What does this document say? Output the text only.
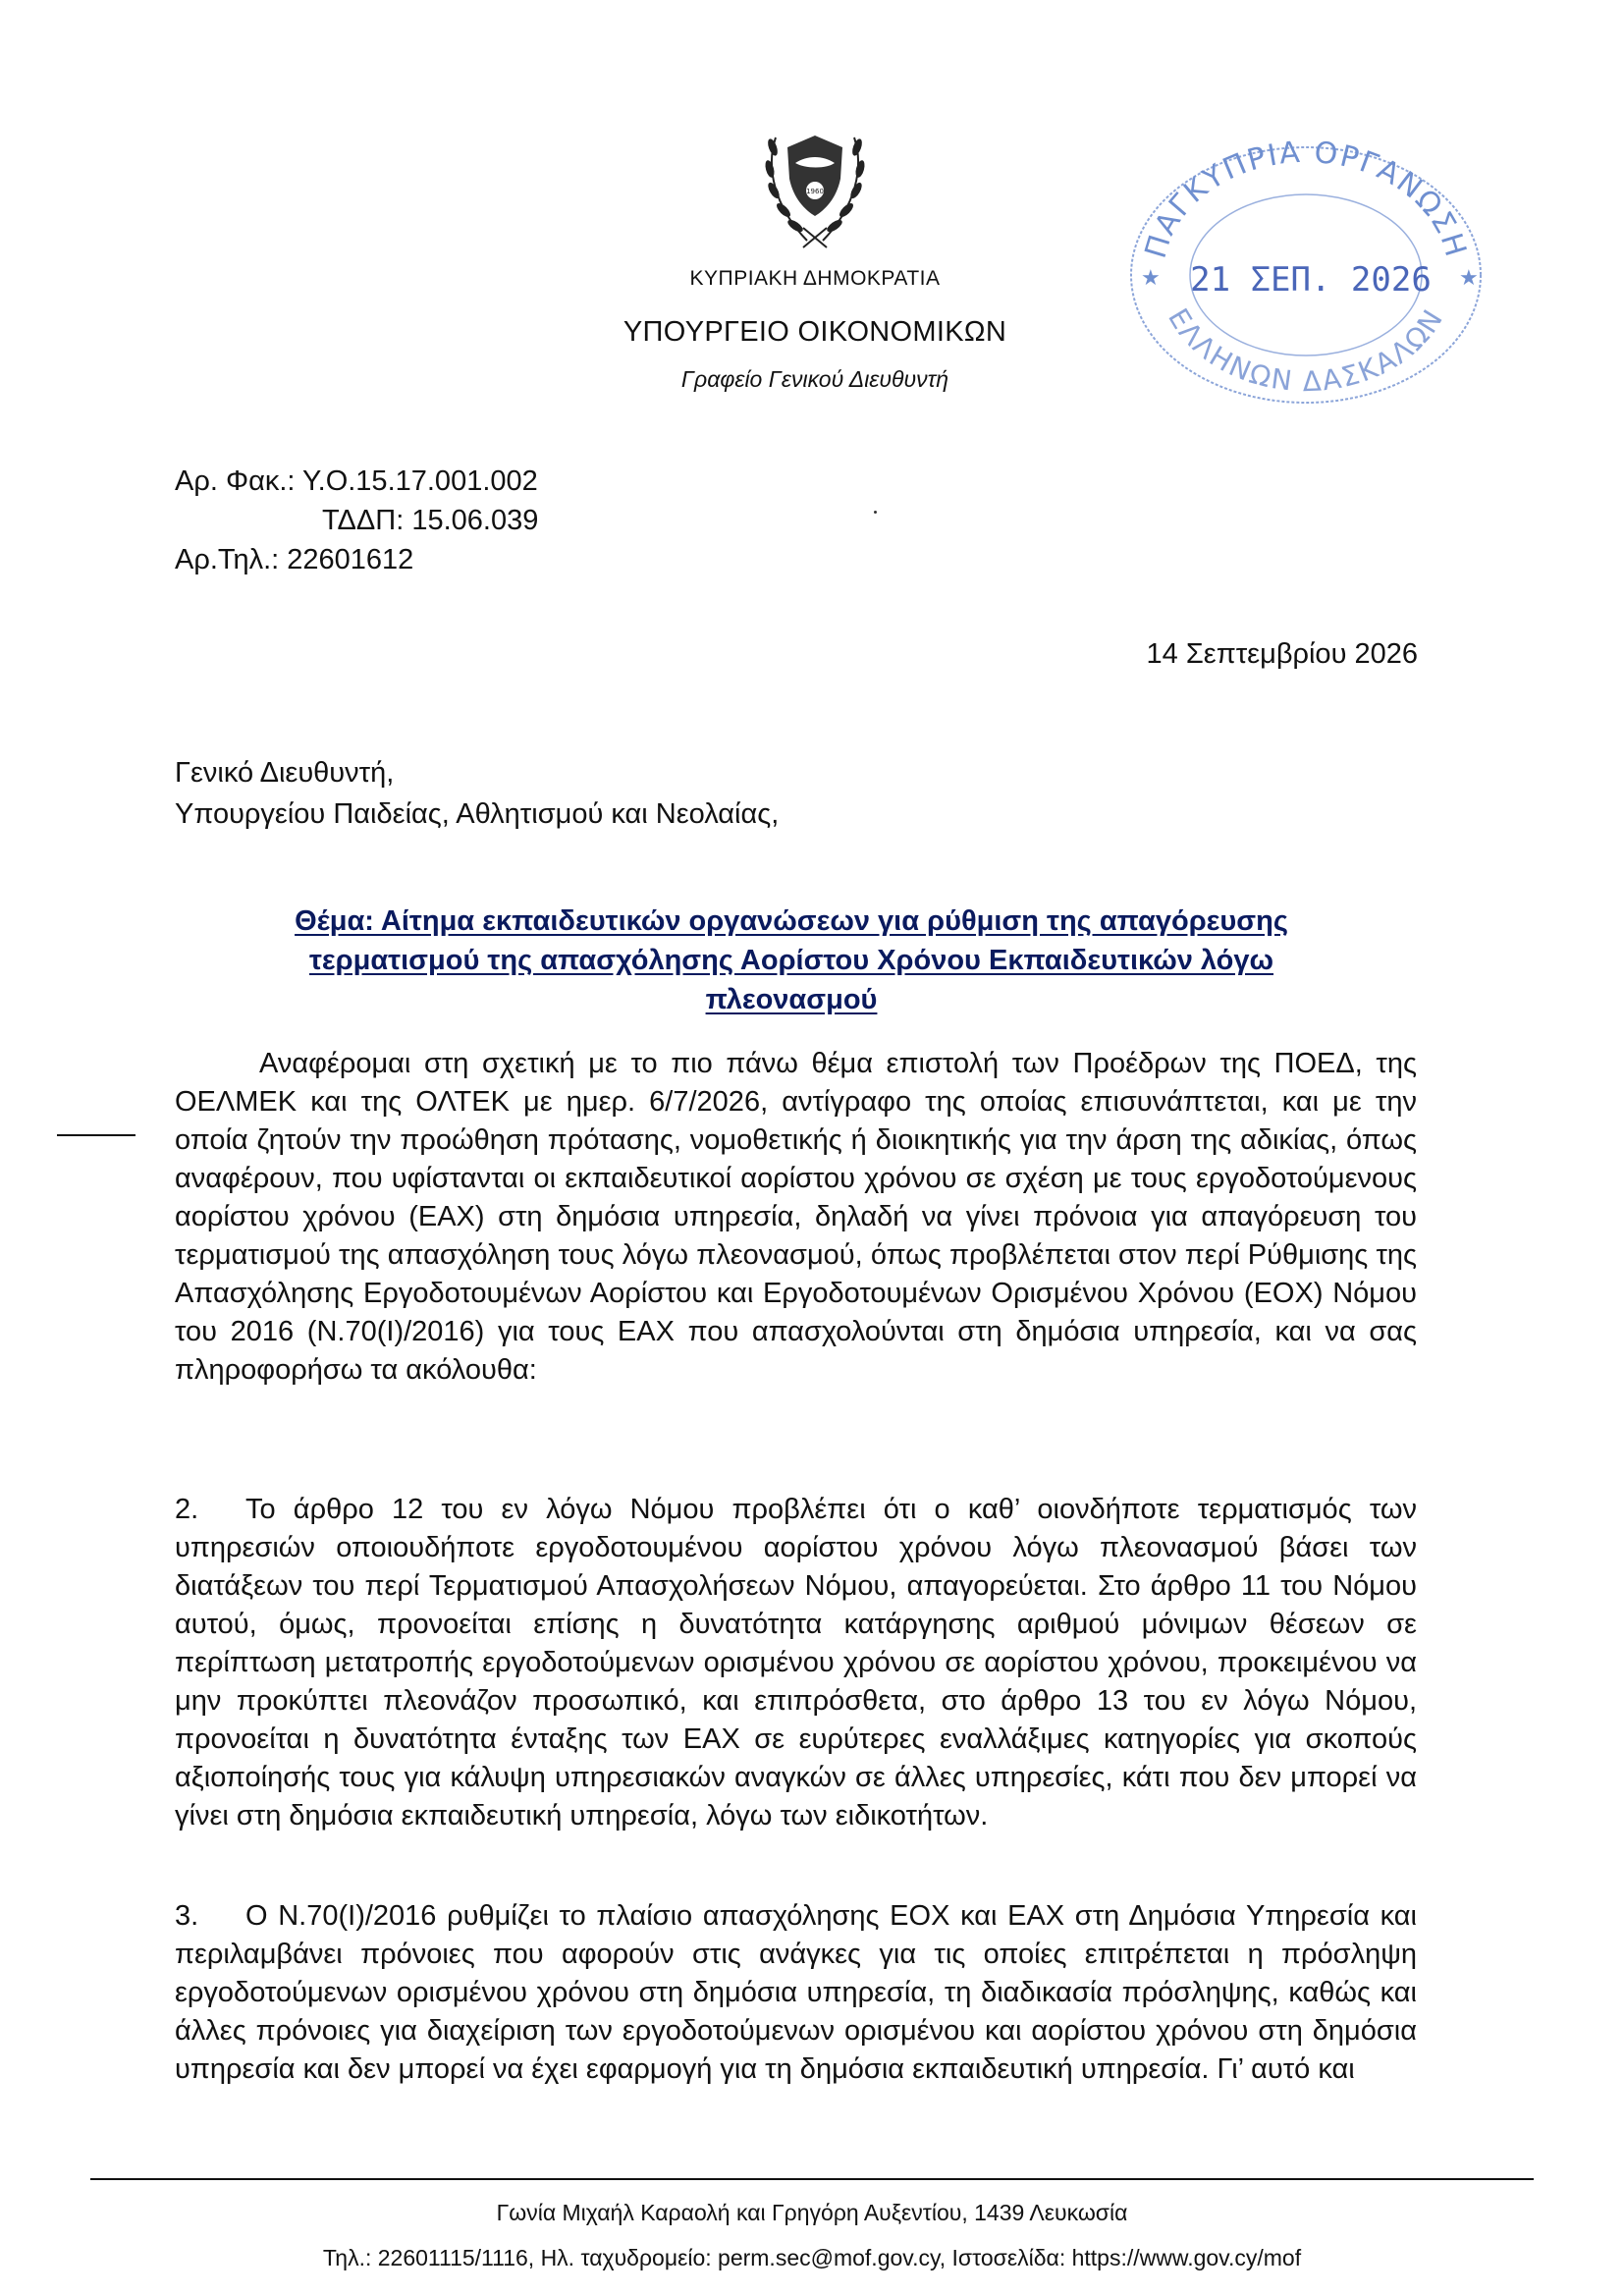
1960
ΚΥΠΡΙΑΚΗ ΔΗΜΟΚΡΑΤΙΑ
ΥΠΟΥΡΓΕΙΟ ΟΙΚΟΝΟΜΙΚΩΝ
Γραφείο Γενικού Διευθυντή
ΠΑΓΚΥΠΡΙΑ ΟΡΓΑΝΩΣΗ
ΕΛΛΗΝΩΝ ΔΑΣΚΑΛΩΝ
21 ΣΕΠ. 2026
★	★
Αρ. Φακ.: Υ.Ο.15.17.001.002
ΤΔΔΠ: 15.06.039
Αρ.Τηλ.: 22601612
14 Σεπτεμβρίου 2026
Γενικό Διευθυντή,
Υπουργείου Παιδείας, Αθλητισμού και Νεολαίας,
Θέμα: Αίτημα εκπαιδευτικών οργανώσεων για ρύθμιση της απαγόρευσης
τερματισμού της απασχόλησης Αορίστου Χρόνου Εκπαιδευτικών λόγω
πλεονασμού
Αναφέρομαι στη σχετική με το πιο πάνω θέμα επιστολή των Προέδρων της ΠΟΕΔ, της ΟΕΛΜΕΚ και της ΟΛΤΕΚ με ημερ. 6/7/2026, αντίγραφο της οποίας επισυνάπτεται, και με την οποία ζητούν την προώθηση πρότασης, νομοθετικής ή διοικητικής για την άρση της αδικίας, όπως αναφέρουν, που υφίστανται οι εκπαιδευτικοί αορίστου χρόνου σε σχέση με τους εργοδοτούμενους αορίστου χρόνου (ΕΑΧ) στη δημόσια υπηρεσία, δηλαδή να γίνει πρόνοια για απαγόρευση του τερματισμού της απασχόληση τους λόγω πλεονασμού, όπως προβλέπεται στον περί Ρύθμισης της Απασχόλησης Εργοδοτουμένων Αορίστου και Εργοδοτουμένων Ορισμένου Χρόνου (ΕΟΧ) Νόμου του 2016 (Ν.70(Ι)/2016) για τους ΕΑΧ που απασχολούνται στη δημόσια υπηρεσία, και να σας πληροφορήσω τα ακόλουθα:
2. Το άρθρο 12 του εν λόγω Νόμου προβλέπει ότι ο καθ’ οιονδήποτε τερματισμός των υπηρεσιών οποιουδήποτε εργοδοτουμένου αορίστου χρόνου λόγω πλεονασμού βάσει των διατάξεων του περί Τερματισμού Απασχολήσεων Νόμου, απαγορεύεται. Στο άρθρο 11 του Νόμου αυτού, όμως, προνοείται επίσης η δυνατότητα κατάργησης αριθμού μόνιμων θέσεων σε περίπτωση μετατροπής εργοδοτούμενων ορισμένου χρόνου σε αορίστου χρόνου, προκειμένου να μην προκύπτει πλεονάζον προσωπικό, και επιπρόσθετα, στο άρθρο 13 του εν λόγω Νόμου, προνοείται η δυνατότητα ένταξης των ΕΑΧ σε ευρύτερες εναλλάξιμες κατηγορίες για σκοπούς αξιοποίησής τους για κάλυψη υπηρεσιακών αναγκών σε άλλες υπηρεσίες, κάτι που δεν μπορεί να γίνει στη δημόσια εκπαιδευτική υπηρεσία, λόγω των ειδικοτήτων.
3. Ο Ν.70(Ι)/2016 ρυθμίζει το πλαίσιο απασχόλησης ΕΟΧ και ΕΑΧ στη Δημόσια Υπηρεσία και περιλαμβάνει πρόνοιες που αφορούν στις ανάγκες για τις οποίες επιτρέπεται η πρόσληψη εργοδοτούμενων ορισμένου χρόνου στη δημόσια υπηρεσία, τη διαδικασία πρόσληψης, καθώς και άλλες πρόνοιες για διαχείριση των εργοδοτούμενων ορισμένου και αορίστου χρόνου στη δημόσια υπηρεσία και δεν μπορεί να έχει εφαρμογή για τη δημόσια εκπαιδευτική υπηρεσία. Γι’ αυτό και
Γωνία Μιχαήλ Καραολή και Γρηγόρη Αυξεντίου, 1439 Λευκωσία
Τηλ.: 22601115/1116, Ηλ. ταχυδρομείο: perm.sec@mof.gov.cy, Ιστοσελίδα: https://www.gov.cy/mof
